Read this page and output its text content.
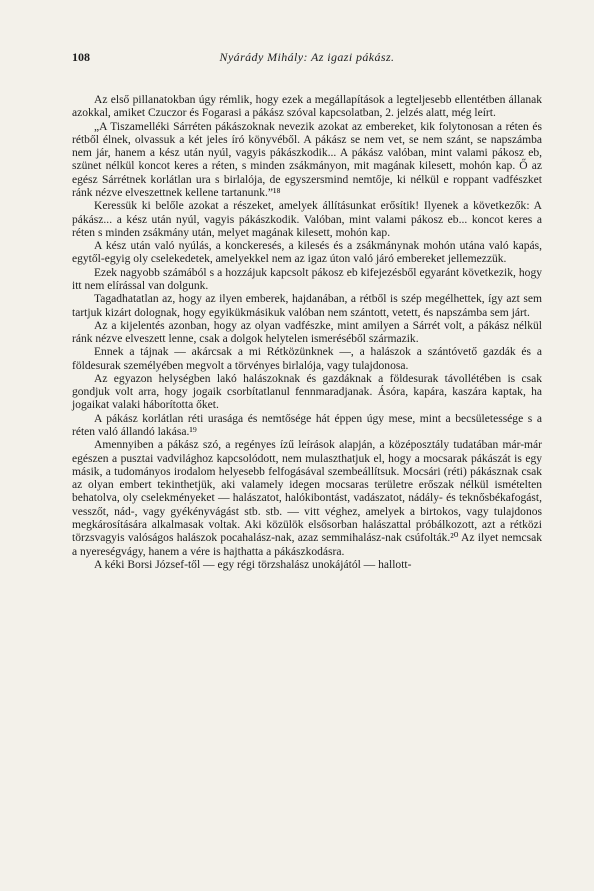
108	Nyárády Mihály: Az igazi pákász.

Az első pillanatokban úgy rémlik, hogy ezek a megállapítások a legteljesebb ellentétben állanak azokkal, amiket Czuczor és Fogarasi a pákász szóval kapcsolatban, 2. jelzés alatt, még leírt.

„A Tiszamelléki Sárréten pákászoknak nevezik azokat az embereket, kik folytonosan a réten és rétből élnek, olvassuk a két jeles író könyvéből. A pákász se nem vet, se nem szánt, se napszámba nem jár, hanem a kész után nyúl, vagyis pákászkodik... A pákász valóban, mint valami pákosz eb, szünet nélkül koncot keres a réten, s minden zsákmányon, mit magának kilesett, mohón kap. Ő az egész Sárrétnek korlátlan ura s birlalója, de egyszersmind nemtője, ki nélkül e roppant vadfészket ránk nézve elveszettnek kellene tartanunk.”¹⁸

Keressük ki belőle azokat a részeket, amelyek állításunkat erősítik! Ilyenek a következők: A pákász... a kész után nyúl, vagyis pákászkodik. Valóban, mint valami pákosz eb... koncot keres a réten s minden zsákmány után, melyet magának kilesett, mohón kap.

A kész után való nyúlás, a konckeresés, a kilesés és a zsákmánynak mohón utána való kapás, egytől-egyig oly cselekedetek, amelyekkel nem az igaz úton való járó embereket jellemezzük.

Ezek nagyobb számából s a hozzájuk kapcsolt pákosz eb kifejezésből egyaránt következik, hogy itt nem elírással van dolgunk.

Tagadhatatlan az, hogy az ilyen emberek, hajdanában, a rétből is szép megélhettek, így azt sem tartjuk kizárt dolognak, hogy egyikükmásikuk valóban nem szántott, vetett, és napszámba sem járt.

Az a kijelentés azonban, hogy az olyan vadfészke, mint amilyen a Sárrét volt, a pákász nélkül ránk nézve elveszett lenne, csak a dolgok helytelen ismeréséből származik.

Ennek a tájnak — akárcsak a mi Rétközünknek —, a halászok a szántóvető gazdák és a földesurak személyében megvolt a törvényes birlalója, vagy tulajdonosa.

Az egyazon helységben lakó halászoknak és gazdáknak a földesurak távollétében is csak gondjuk volt arra, hogy jogaik csorbítatlanul fennmaradjanak. Ásóra, kapára, kaszára kaptak, ha jogaikat valaki háborította őket.

A pákász korlátlan réti urasága és nemtősége hát éppen úgy mese, mint a becsületessége s a réten való állandó lakása.¹⁹

Amennyiben a pákász szó, a regényes ízű leírások alapján, a középosztály tudatában már-már egészen a pusztai vadvilághoz kapcsolódott, nem mulaszthatjuk el, hogy a mocsarak pákászát is egy másik, a tudományos irodalom helyesebb felfogásával szembeállítsuk. Mocsári (réti) pákásznak csak az olyan embert tekinthetjük, aki valamely idegen mocsaras területre erőszak nélkül ismételten behatolva, oly cselekményeket — halászatot, halókibontást, vadászatot, nádály- és teknősbékafogást, vesszőt, nád-, vagy gyékényvágást stb. stb. — vitt véghez, amelyek a birtokos, vagy tulajdonos megkárosítására alkalmasak voltak. Aki közülök elsősorban halászattal próbálkozott, azt a rétközi törzsvagyis valóságos halászok pocahalász-nak, azaz semmihalász-nak csúfolták.²⁰ Az ilyet nemcsak a nyereségvágy, hanem a vére is hajthatta a pákászkodásra.

A kéki Borsi József-től — egy régi törzshalász unokájától — hallott-
